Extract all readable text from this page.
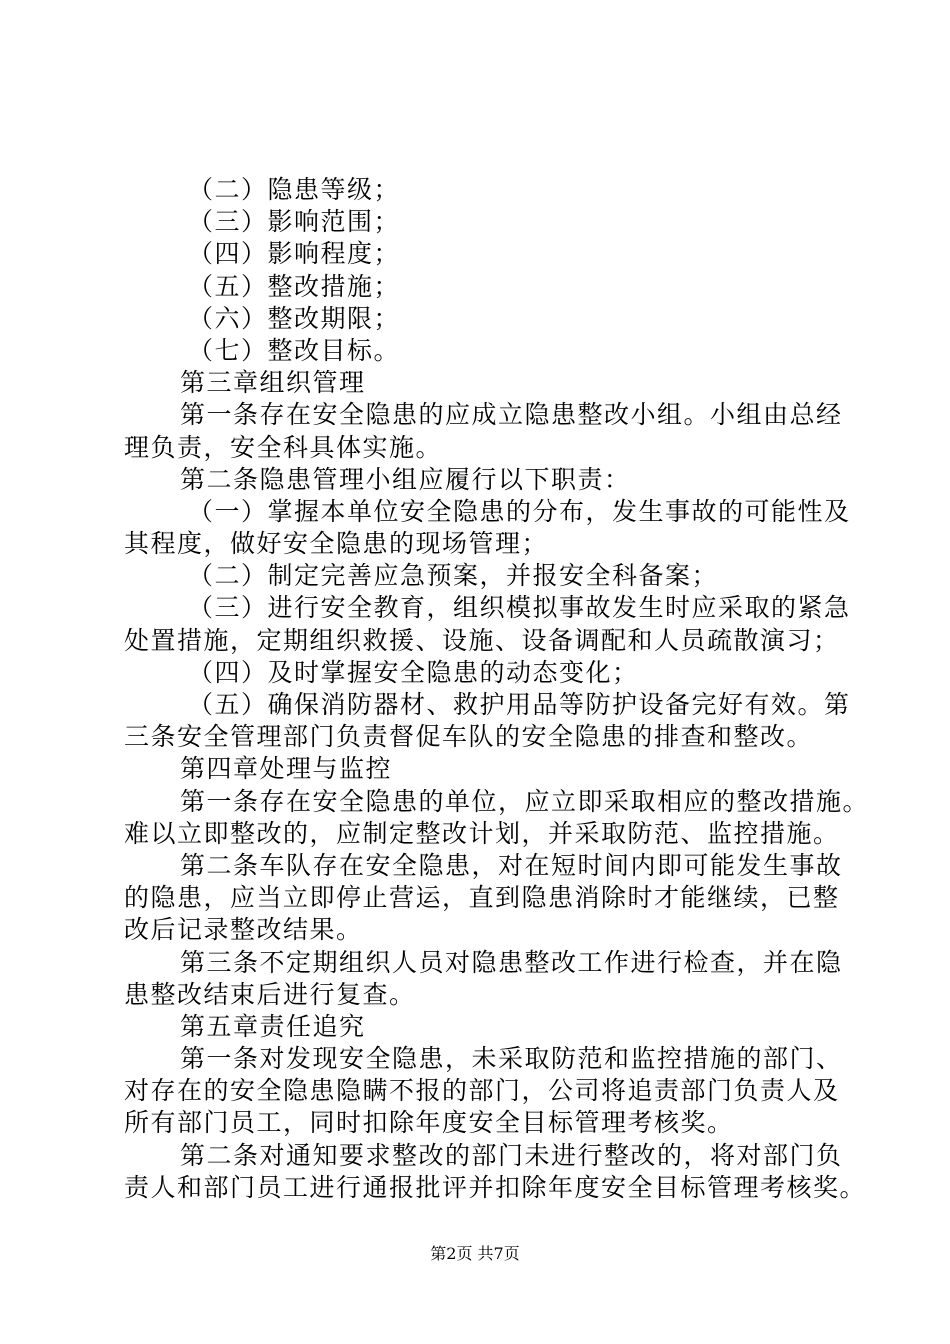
（二）隐患等级；
（三）影响范围；
（四）影响程度；
（五）整改措施；
（六）整改期限；
（七）整改目标。
第三章组织管理
第一条存在安全隐患的应成立隐患整改小组。小组由总经
理负责，安全科具体实施。
第二条隐患管理小组应履行以下职责：
（一）掌握本单位安全隐患的分布，发生事故的可能性及
其程度，做好安全隐患的现场管理；
（二）制定完善应急预案，并报安全科备案；
（三）进行安全教育，组织模拟事故发生时应采取的紧急
处置措施，定期组织救援、设施、设备调配和人员疏散演习；
（四）及时掌握安全隐患的动态变化；
（五）确保消防器材、救护用品等防护设备完好有效。第
三条安全管理部门负责督促车队的安全隐患的排查和整改。
第四章处理与监控
第一条存在安全隐患的单位，应立即采取相应的整改措施。
难以立即整改的，应制定整改计划，并采取防范、监控措施。
第二条车队存在安全隐患，对在短时间内即可能发生事故
的隐患，应当立即停止营运，直到隐患消除时才能继续，已整
改后记录整改结果。
第三条不定期组织人员对隐患整改工作进行检查，并在隐
患整改结束后进行复查。
第五章责任追究
第一条对发现安全隐患，未采取防范和监控措施的部门、
对存在的安全隐患隐瞒不报的部门，公司将追责部门负责人及
所有部门员工，同时扣除年度安全目标管理考核奖。
第二条对通知要求整改的部门未进行整改的，将对部门负
责人和部门员工进行通报批评并扣除年度安全目标管理考核奖。
第2页 共7页
